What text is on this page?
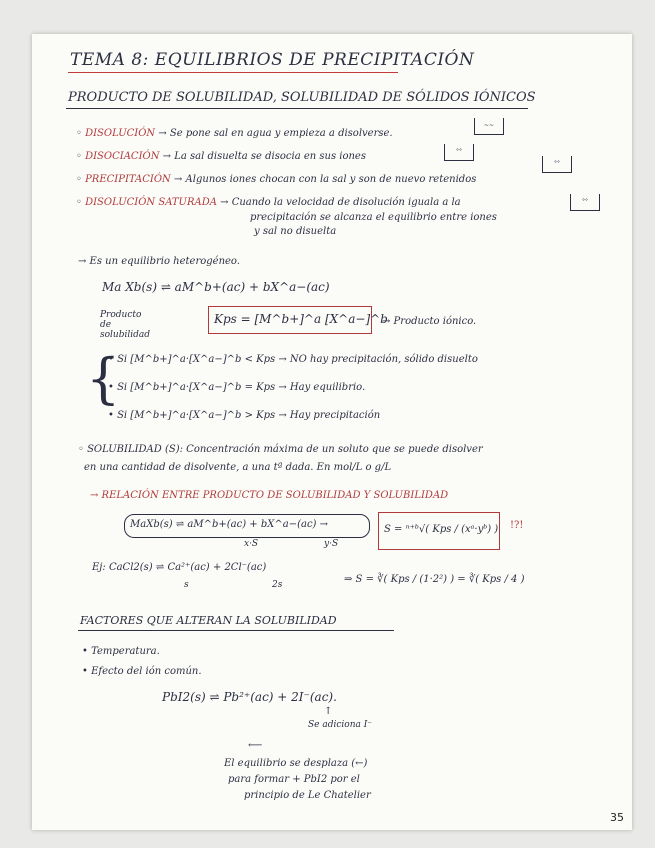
TEMA 8: EQUILIBRIOS DE PRECIPITACIÓN
PRODUCTO DE SOLUBILIDAD, SOLUBILIDAD DE SÓLIDOS IÓNICOS
◦ DISOLUCIÓN → Se pone sal en agua y empieza a disolverse.
~~
◦ DISOCIACIÓN → La sal disuelta se disocia en sus iones	°°
◦ PRECIPITACIÓN → Algunos iones chocan con la sal y son de nuevo retenidos
°°
◦ DISOLUCIÓN SATURADA → Cuando la velocidad de disolución iguala a la
precipitación se alcanza el equilibrio entre iones
y sal no disuelta
°°
→ Es un equilibrio heterogéneo.
Ma Xb(s) ⇌ aM^b+(ac) + bX^a−(ac)
Producto de solubilidad
Kps = [M^b+]^a [X^a−]^b
→ Producto iónico.
{
• Si [M^b+]^a·[X^a−]^b < Kps → NO hay precipitación, sólido disuelto
• Si [M^b+]^a·[X^a−]^b = Kps → Hay equilibrio.
• Si [M^b+]^a·[X^a−]^b > Kps → Hay precipitación
◦ SOLUBILIDAD (S): Concentración máxima de un soluto que se puede disolver
en una cantidad de disolvente, a una tª dada. En mol/L o g/L
→ RELACIÓN ENTRE PRODUCTO DE SOLUBILIDAD Y SOLUBILIDAD
MaXb(s) ⇌ aM^b+(ac) + bX^a−(ac) →
x·S	y·S
S = ⁿ⁺ᵇ√( Kps / (xᵃ·yᵇ) ) !?!
Ej: CaCl2(s) ⇌ Ca²⁺(ac) + 2Cl⁻(ac)
s	2s	⇒ S = ∛( Kps / (1·2²) ) = ∛( Kps / 4 )
FACTORES QUE ALTERAN LA SOLUBILIDAD
• Temperatura.
• Efecto del ión común.
PbI2(s) ⇌ Pb²⁺(ac) + 2I⁻(ac).
↑
Se adiciona I⁻
⟵
El equilibrio se desplaza (←)
para formar + PbI2 por el
principio de Le Chatelier
35
